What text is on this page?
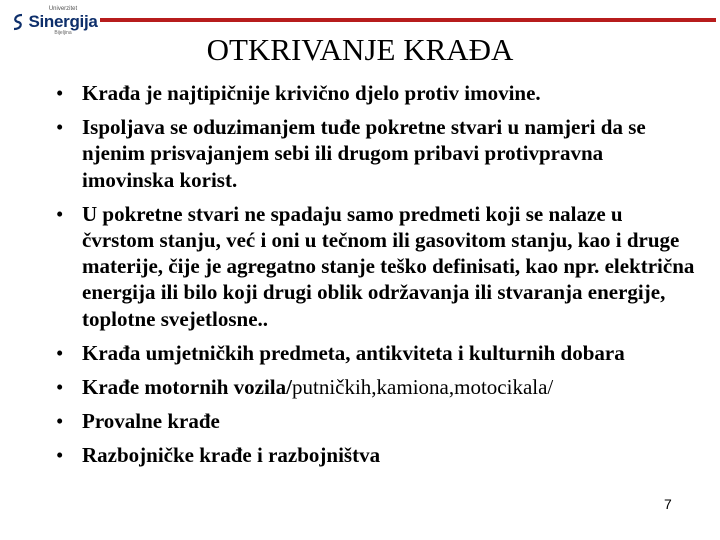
Univerzitet
Sinergija
Bijeljina	OTKRIVANJE KRAĐA
• Krađa je najtipičnije krivično djelo protiv imovine.
• Ispoljava se oduzimanjem tuđe pokretne stvari u namjeri da se njenim prisvajanjem sebi ili drugom pribavi protivpravna imovinska korist.
• U pokretne stvari ne spadaju samo predmeti koji se nalaze u čvrstom stanju, već i oni u tečnom ili gasovitom stanju, kao i druge materije, čije je agregatno stanje teško definisati, kao npr. električna energija ili bilo koji drugi oblik održavanja ili stvaranja energije, toplotne svejetlosne..
• Krađa umjetničkih predmeta, antikviteta i kulturnih dobara
• Krađe motornih vozila/putničkih,kamiona,motocikala/
• Provalne krađe
• Razbojničke krađe i razbojništva
7
